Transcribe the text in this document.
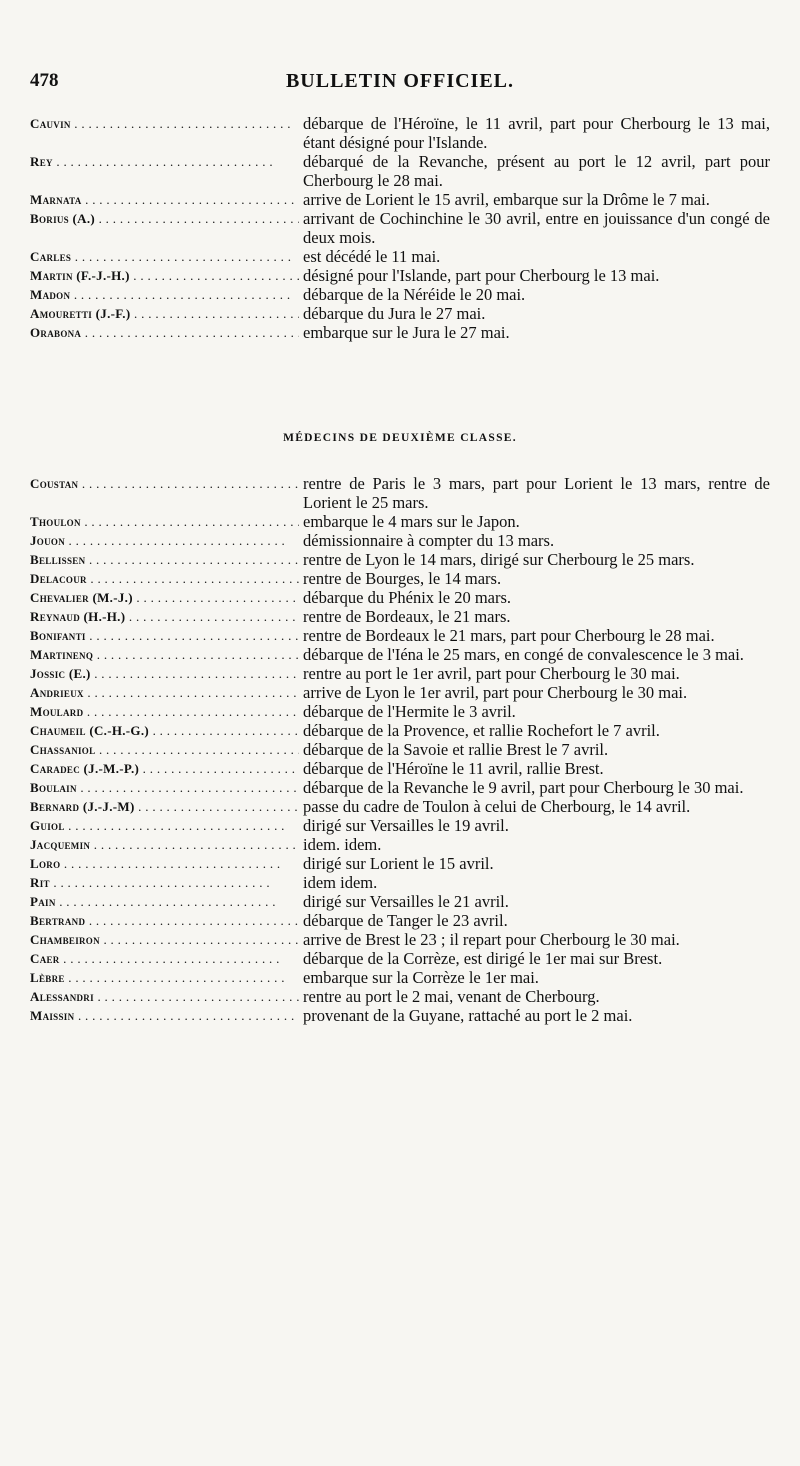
478	BULLETIN OFFICIEL.
Cauvin . . .	débarque de l'Héroïne, le 11 avril, part pour Cherbourg le 13 mai, étant désigné pour l'Islande.
Rey . . .	débarqué de la Revanche, présent au port le 12 avril, part pour Cherbourg le 28 mai.
Marnata . . .	arrive de Lorient le 15 avril, embarque sur la Drôme le 7 mai.
Borius (A.) . . .	arrivant de Cochinchine le 30 avril, entre en jouissance d'un congé de deux mois.
Carles . . .	est décédé le 11 mai.
Martin (F.-J.-H.) . . .	désigné pour l'Islande, part pour Cherbourg le 13 mai.
Madon . . .	débarque de la Néréide le 20 mai.
Amouretti (J.-F.) . . .	débarque du Jura le 27 mai.
Orabona . . .	embarque sur le Jura le 27 mai.
MÉDECINS DE DEUXIÈME CLASSE.
Coustan . . .	rentre de Paris le 3 mars, part pour Lorient le 13 mars, rentre de Lorient le 25 mars.
Thoulon . . .	embarque le 4 mars sur le Japon.
Jouon . . .	démissionnaire à compter du 13 mars.
Bellissen . . .	rentre de Lyon le 14 mars, dirigé sur Cherbourg le 25 mars.
Delacour . . .	rentre de Bourges, le 14 mars.
Chevalier (M.-J.) . . .	débarque du Phénix le 20 mars.
Reynaud (H.-H.) . . .	rentre de Bordeaux, le 21 mars.
Bonifanti . . .	rentre de Bordeaux le 21 mars, part pour Cherbourg le 28 mai.
Martinenq . . .	débarque de l'Iéna le 25 mars, en congé de convalescence le 3 mai.
Jossic (E.) . . .	rentre au port le 1er avril, part pour Cherbourg le 30 mai.
Andrieux . . .	arrive de Lyon le 1er avril, part pour Cherbourg le 30 mai.
Moulard . . .	débarque de l'Hermite le 3 avril.
Chaumeil (C.-H.-G.) . . .	débarque de la Provence, et rallie Rochefort le 7 avril.
Chassaniol . . .	débarque de la Savoie et rallie Brest le 7 avril.
Caradec (J.-M.-P.) . . .	débarque de l'Héroïne le 11 avril, rallie Brest.
Boulain . . .	débarque de la Revanche le 9 avril, part pour Cherbourg le 30 mai.
Bernard (J.-J.-M) . . .	passe du cadre de Toulon à celui de Cherbourg, le 14 avril.
Guiol . . .	dirigé sur Versailles le 19 avril.
Jacquemin . . .	idem. idem.
Loro . . .	dirigé sur Lorient le 15 avril.
Rit . . .	idem idem.
Pain . . .	dirigé sur Versailles le 21 avril.
Bertrand . . .	débarque de Tanger le 23 avril.
Chambeiron . . .	arrive de Brest le 23 ; il repart pour Cherbourg le 30 mai.
Caer . . .	débarque de la Corrèze, est dirigé le 1er mai sur Brest.
Lèbre . . .	embarque sur la Corrèze le 1er mai.
Alessandri . . .	rentre au port le 2 mai, venant de Cherbourg.
Maissin . . .	provenant de la Guyane, rattaché au port le 2 mai.
